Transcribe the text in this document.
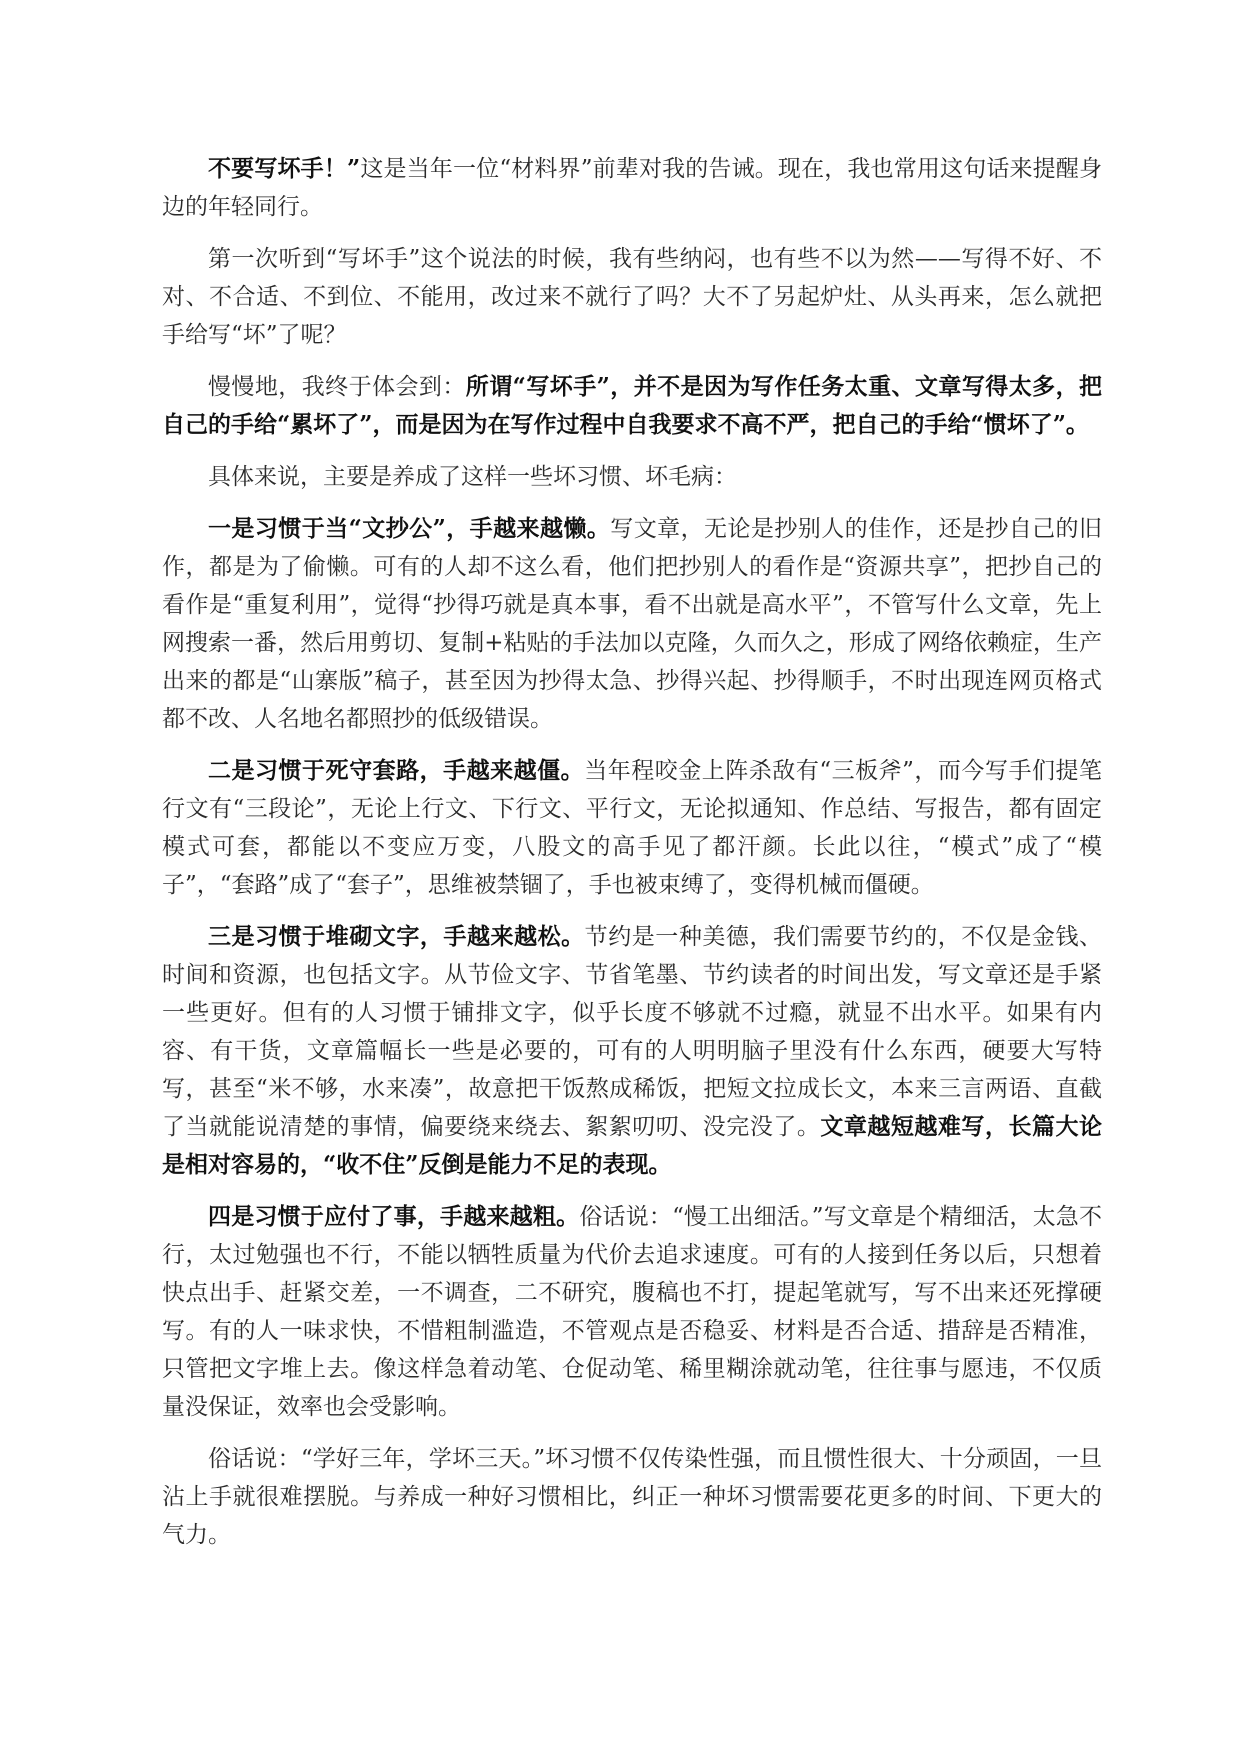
不要写坏手！”这是当年一位“材料界”前辈对我的告诫。现在，我也常用这句话来提醒身边的年轻同行。

第一次听到“写坏手”这个说法的时候，我有些纳闷，也有些不以为然——写得不好、不对、不合适、不到位、不能用，改过来不就行了吗？大不了另起炉灶、从头再来，怎么就把手给写“坏”了呢？

慢慢地，我终于体会到：所谓“写坏手”，并不是因为写作任务太重、文章写得太多，把自己的手给“累坏了”，而是因为在写作过程中自我要求不高不严，把自己的手给“惯坏了”。

具体来说，主要是养成了这样一些坏习惯、坏毛病：

一是习惯于当“文抄公”，手越来越懒。写文章，无论是抄别人的佳作，还是抄自己的旧作，都是为了偷懒。可有的人却不这么看，他们把抄别人的看作是“资源共享”，把抄自己的看作是“重复利用”，觉得“抄得巧就是真本事，看不出就是高水平”，不管写什么文章，先上网搜索一番，然后用剪切、复制+粘贴的手法加以克隆，久而久之，形成了网络依赖症，生产出来的都是“山寨版”稿子，甚至因为抄得太急、抄得兴起、抄得顺手，不时出现连网页格式都不改、人名地名都照抄的低级错误。

二是习惯于死守套路，手越来越僵。当年程咬金上阵杀敌有“三板斧”，而今写手们提笔行文有“三段论”，无论上行文、下行文、平行文，无论拟通知、作总结、写报告，都有固定模式可套，都能以不变应万变，八股文的高手见了都汗颜。长此以往，“模式”成了“模子”，“套路”成了“套子”，思维被禁锢了，手也被束缚了，变得机械而僵硬。

三是习惯于堆砌文字，手越来越松。节约是一种美德，我们需要节约的，不仅是金钱、时间和资源，也包括文字。从节俭文字、节省笔墨、节约读者的时间出发，写文章还是手紧一些更好。但有的人习惯于铺排文字，似乎长度不够就不过瘾，就显不出水平。如果有内容、有干货，文章篇幅长一些是必要的，可有的人明明脑子里没有什么东西，硬要大写特写，甚至“米不够，水来凑”，故意把干饭熬成稀饭，把短文拉成长文，本来三言两语、直截了当就能说清楚的事情，偏要绕来绕去、絮絮叨叨、没完没了。文章越短越难写，长篇大论是相对容易的，“收不住”反倒是能力不足的表现。

四是习惯于应付了事，手越来越粗。俗话说：“慢工出细活。”写文章是个精细活，太急不行，太过勉强也不行，不能以牺牲质量为代价去追求速度。可有的人接到任务以后，只想着快点出手、赶紧交差，一不调查，二不研究，腹稿也不打，提起笔就写，写不出来还死撑硬写。有的人一味求快，不惜粗制滥造，不管观点是否稳妥、材料是否合适、措辞是否精准，只管把文字堆上去。像这样急着动笔、仓促动笔、稀里糊涂就动笔，往往事与愿违，不仅质量没保证，效率也会受影响。

俗话说：“学好三年，学坏三天。”坏习惯不仅传染性强，而且惯性很大、十分顽固，一旦沾上手就很难摆脱。与养成一种好习惯相比，纠正一种坏习惯需要花更多的时间、下更大的气力。
